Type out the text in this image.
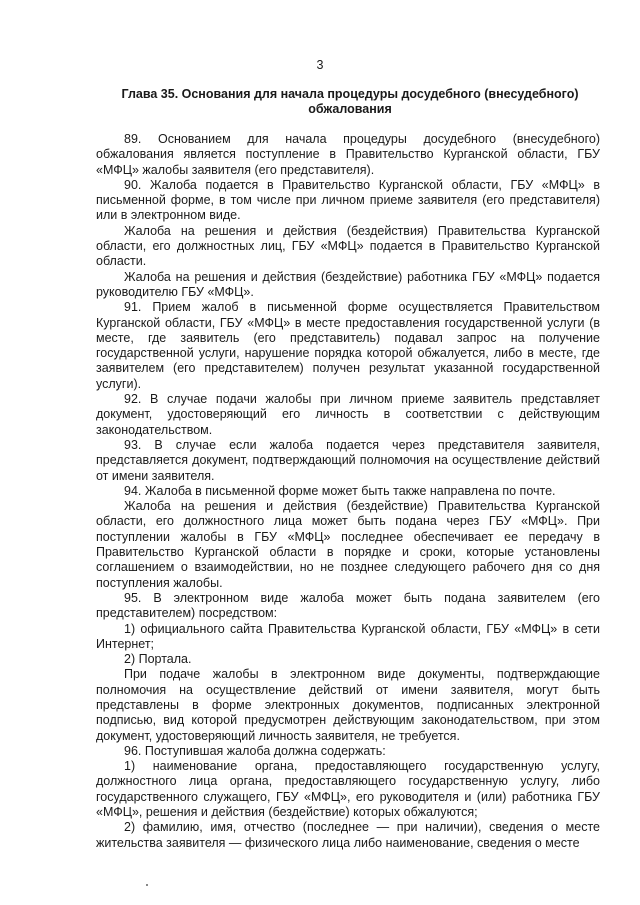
3
Глава 35. Основания для начала процедуры досудебного (внесудебного) обжалования

89. Основанием для начала процедуры досудебного (внесудебного) обжалования является поступление в Правительство Курганской области, ГБУ «МФЦ» жалобы заявителя (его представителя).

90. Жалоба подается в Правительство Курганской области, ГБУ «МФЦ» в письменной форме, в том числе при личном приеме заявителя (его представителя) или в электронном виде.

Жалоба на решения и действия (бездействия) Правительства Курганской области, его должностных лиц, ГБУ «МФЦ» подается в Правительство Курганской области.

Жалоба на решения и действия (бездействие) работника ГБУ «МФЦ» подается руководителю ГБУ «МФЦ».

91. Прием жалоб в письменной форме осуществляется Правительством Курганской области, ГБУ «МФЦ» в месте предоставления государственной услуги (в месте, где заявитель (его представитель) подавал запрос на получение государственной услуги, нарушение порядка которой обжалуется, либо в месте, где заявителем (его представителем) получен результат указанной государственной услуги).

92. В случае подачи жалобы при личном приеме заявитель представляет документ, удостоверяющий его личность в соответствии с действующим законодательством.

93. В случае если жалоба подается через представителя заявителя, представляется документ, подтверждающий полномочия на осуществление действий от имени заявителя.

94. Жалоба в письменной форме может быть также направлена по почте.

Жалоба на решения и действия (бездействие) Правительства Курганской области, его должностного лица может быть подана через ГБУ «МФЦ». При поступлении жалобы в ГБУ «МФЦ» последнее обеспечивает ее передачу в Правительство Курганской области в порядке и сроки, которые установлены соглашением о взаимодействии, но не позднее следующего рабочего дня со дня поступления жалобы.

95. В электронном виде жалоба может быть подана заявителем (его представителем) посредством:

1) официального сайта Правительства Курганской области, ГБУ «МФЦ» в сети Интернет;

2) Портала.

При подаче жалобы в электронном виде документы, подтверждающие полномочия на осуществление действий от имени заявителя, могут быть представлены в форме электронных документов, подписанных электронной подписью, вид которой предусмотрен действующим законодательством, при этом документ, удостоверяющий личность заявителя, не требуется.

96. Поступившая жалоба должна содержать:

1) наименование органа, предоставляющего государственную услугу, должностного лица органа, предоставляющего государственную услугу, либо государственного служащего, ГБУ «МФЦ», его руководителя и (или) работника ГБУ «МФЦ», решения и действия (бездействие) которых обжалуются;

2) фамилию, имя, отчество (последнее — при наличии), сведения о месте жительства заявителя — физического лица либо наименование, сведения о месте
